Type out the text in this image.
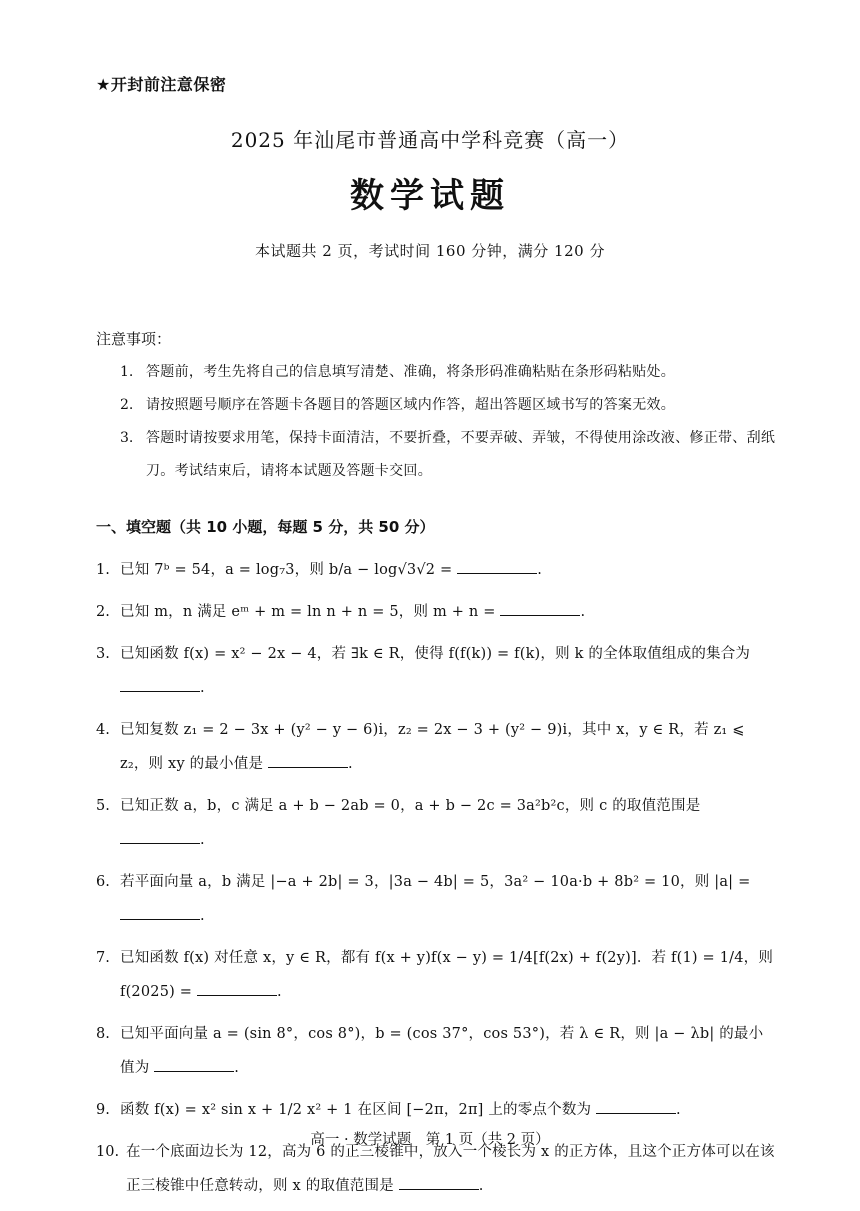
★开封前注意保密
2025 年汕尾市普通高中学科竞赛（高一）
数学试题
本试题共 2 页，考试时间 160 分钟，满分 120 分
注意事项：
1. 答题前，考生先将自己的信息填写清楚、准确，将条形码准确粘贴在条形码粘贴处。
2. 请按照题号顺序在答题卡各题目的答题区域内作答，超出答题区域书写的答案无效。
3. 答题时请按要求用笔，保持卡面清洁，不要折叠，不要弄破、弄皱，不得使用涂改液、修正带、刮纸刀。考试结束后，请将本试题及答题卡交回。
一、填空题（共 10 小题，每题 5 分，共 50 分）
1. 已知 7ᵇ = 54，a = log₇3，则 b/a − log√3√2 =	.
2. 已知 m，n 满足 eᵐ + m = ln n + n = 5，则 m + n =	.
3. 已知函数 f(x) = x² − 2x − 4，若 ∃k ∈ R，使得 f(f(k)) = f(k)，则 k 的全体取值组成的集合为 .
4. 已知复数 z₁ = 2 − 3x + (y² − y − 6)i，z₂ = 2x − 3 + (y² − 9)i，其中 x，y ∈ R，若 z₁ ⩽ z₂，则 xy 的最小值是	.
5. 已知正数 a，b，c 满足 a + b − 2ab = 0，a + b − 2c = 3a²b²c，则 c 的取值范围是 .
6. 若平面向量 a，b 满足 |−a + 2b| = 3，|3a − 4b| = 5，3a² − 10a·b + 8b² = 10，则 |a| = .
7. 已知函数 f(x) 对任意 x，y ∈ R，都有 f(x + y)f(x − y) = 1/4[f(2x) + f(2y)]．若 f(1) = 1/4，则 f(2025) =	.
8. 已知平面向量 a = (sin 8°，cos 8°)，b = (cos 37°，cos 53°)，若 λ ∈ R，则 |a − λb| 的最小值为	.
9. 函数 f(x) = x² sin x + 1/2 x² + 1 在区间 [−2π，2π] 上的零点个数为	.
10. 在一个底面边长为 12，高为 6 的正三棱锥中，放入一个棱长为 x 的正方体，且这个正方体可以在该正三棱锥中任意转动，则 x 的取值范围是	.
高一 · 数学试题　第 1 页（共 2 页）
